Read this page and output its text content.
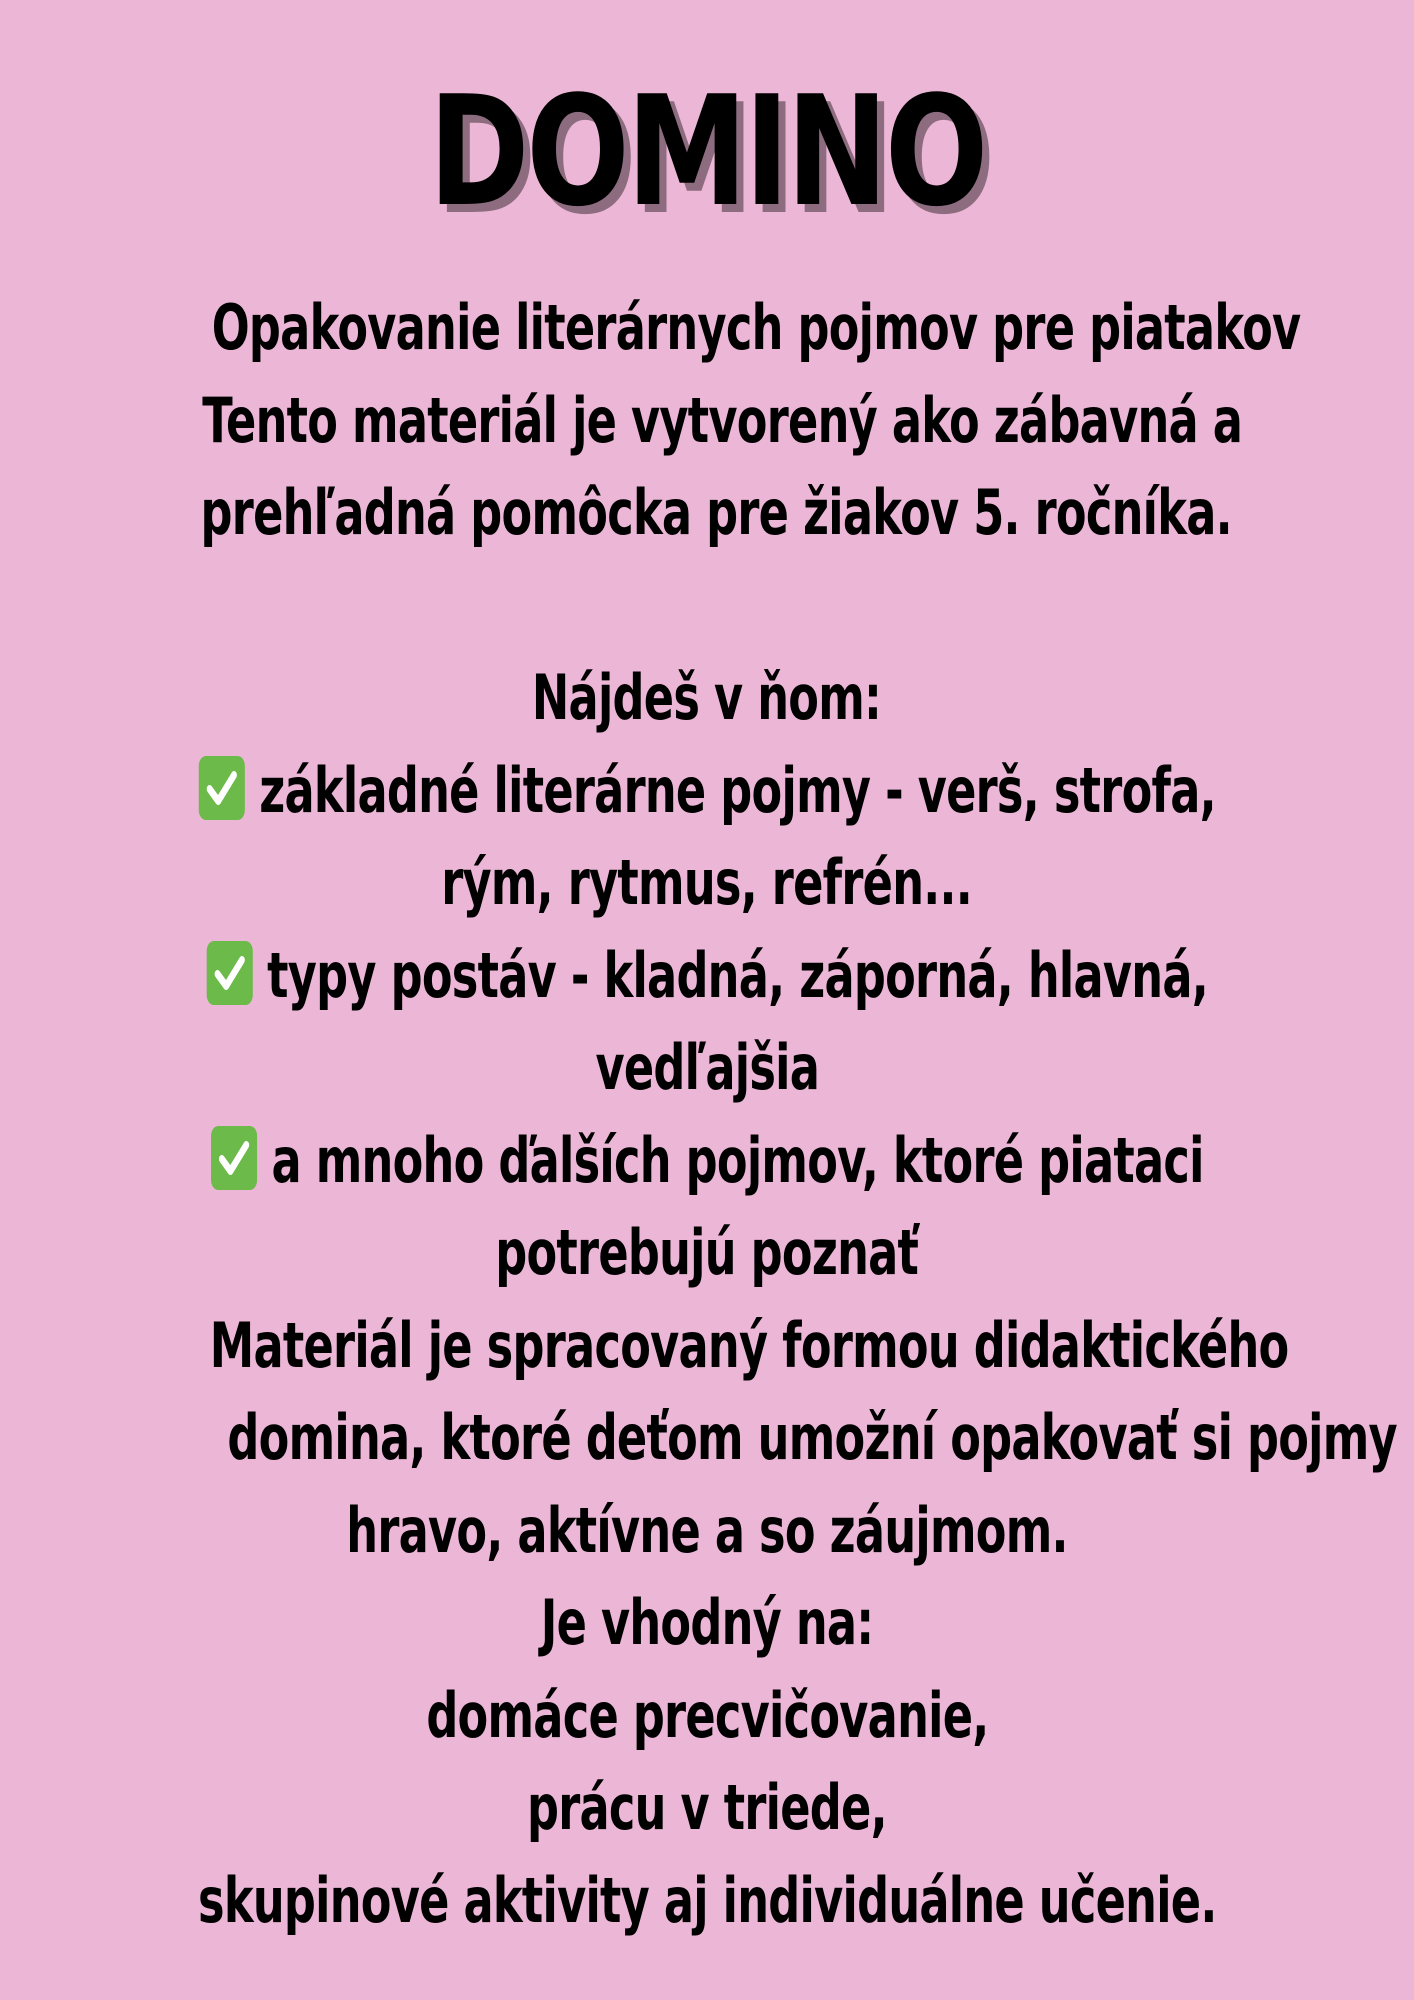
DOMINO
Opakovanie literárnych pojmov pre piatakov
Tento materiál je vytvorený ako zábavná a
prehľadná pomôcka pre žiakov 5. ročníka.
Nájdeš v ňom:
základné literárne pojmy - verš, strofa,
rým, rytmus, refrén...
typy postáv - kladná, záporná, hlavná,
vedľajšia
a mnoho ďalších pojmov, ktoré piataci
potrebujú poznať
Materiál je spracovaný formou didaktického
domina, ktoré deťom umožní opakovať si pojmy
hravo, aktívne a so záujmom.
Je vhodný na:
domáce precvičovanie,
prácu v triede,
skupinové aktivity aj individuálne učenie.
